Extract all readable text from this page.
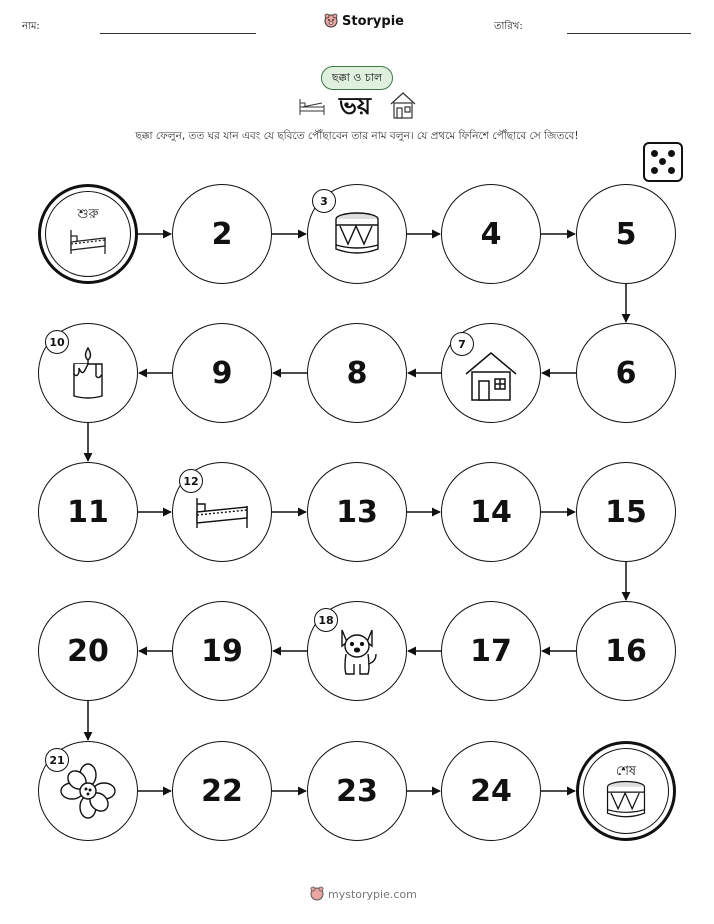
নাম:	Storypie	তারিখ:
ছক্কা ও চাল
ভয়
ছক্কা ফেলুন, তত ঘর যান এবং যে ছবিতে পৌঁছাবেন তার নাম বলুন। যে প্রথমে ফিনিশে পৌঁছাবে সে জিতবে!
শুরু
2
3
4	5
6
7
8
9
10
11
12
13	14	15
16
17
18
19
20
21
22	23	24
শেষ
mystorypie.com
